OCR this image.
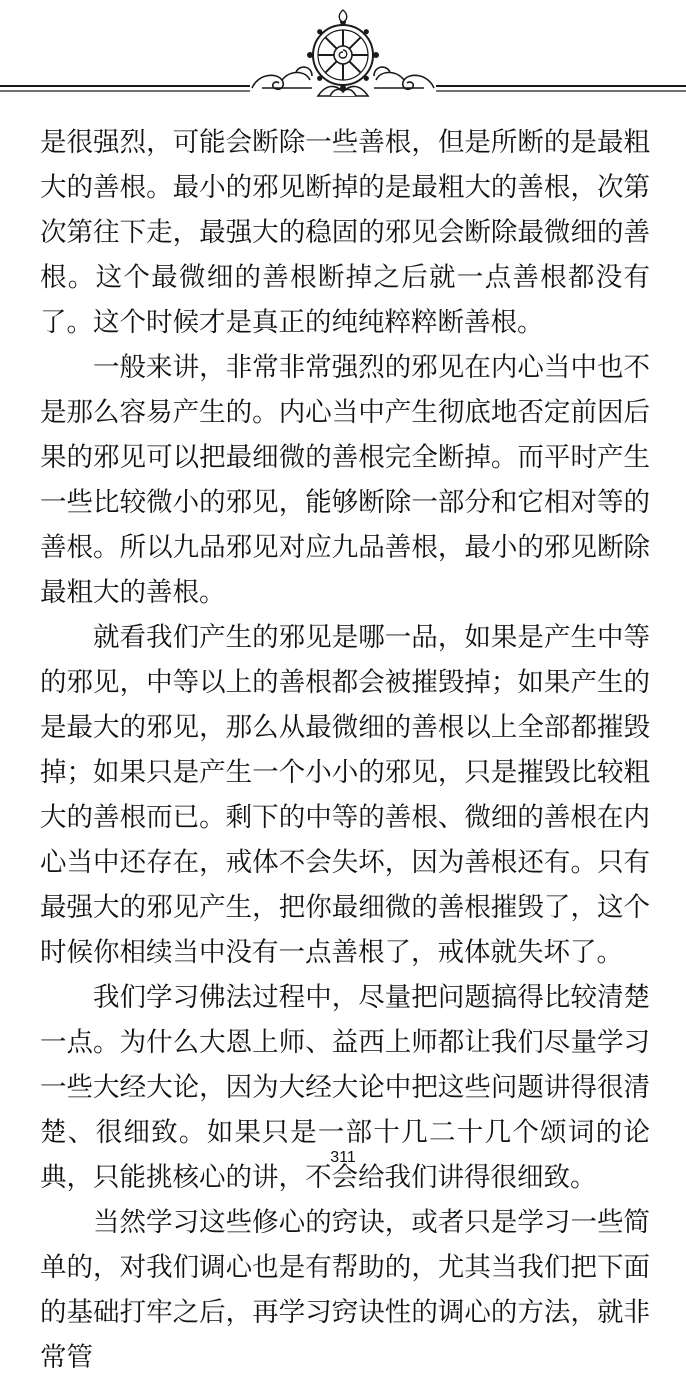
是很强烈，可能会断除一些善根，但是所断的是最粗大的善根。最小的邪见断掉的是最粗大的善根，次第次第往下走，最强大的稳固的邪见会断除最微细的善根。这个最微细的善根断掉之后就一点善根都没有了。这个时候才是真正的纯纯粹粹断善根。

一般来讲，非常非常强烈的邪见在内心当中也不是那么容易产生的。内心当中产生彻底地否定前因后果的邪见可以把最细微的善根完全断掉。而平时产生一些比较微小的邪见，能够断除一部分和它相对等的善根。所以九品邪见对应九品善根，最小的邪见断除最粗大的善根。

就看我们产生的邪见是哪一品，如果是产生中等的邪见，中等以上的善根都会被摧毁掉；如果产生的是最大的邪见，那么从最微细的善根以上全部都摧毁掉；如果只是产生一个小小的邪见，只是摧毁比较粗大的善根而已。剩下的中等的善根、微细的善根在内心当中还存在，戒体不会失坏，因为善根还有。只有最强大的邪见产生，把你最细微的善根摧毁了，这个时候你相续当中没有一点善根了，戒体就失坏了。

我们学习佛法过程中，尽量把问题搞得比较清楚一点。为什么大恩上师、益西上师都让我们尽量学习一些大经大论，因为大经大论中把这些问题讲得很清楚、很细致。如果只是一部十几二十几个颂词的论典，只能挑核心的讲，不会给我们讲得很细致。

当然学习这些修心的窍诀，或者只是学习一些简单的，对我们调心也是有帮助的，尤其当我们把下面的基础打牢之后，再学习窍诀性的调心的方法，就非常管

311
